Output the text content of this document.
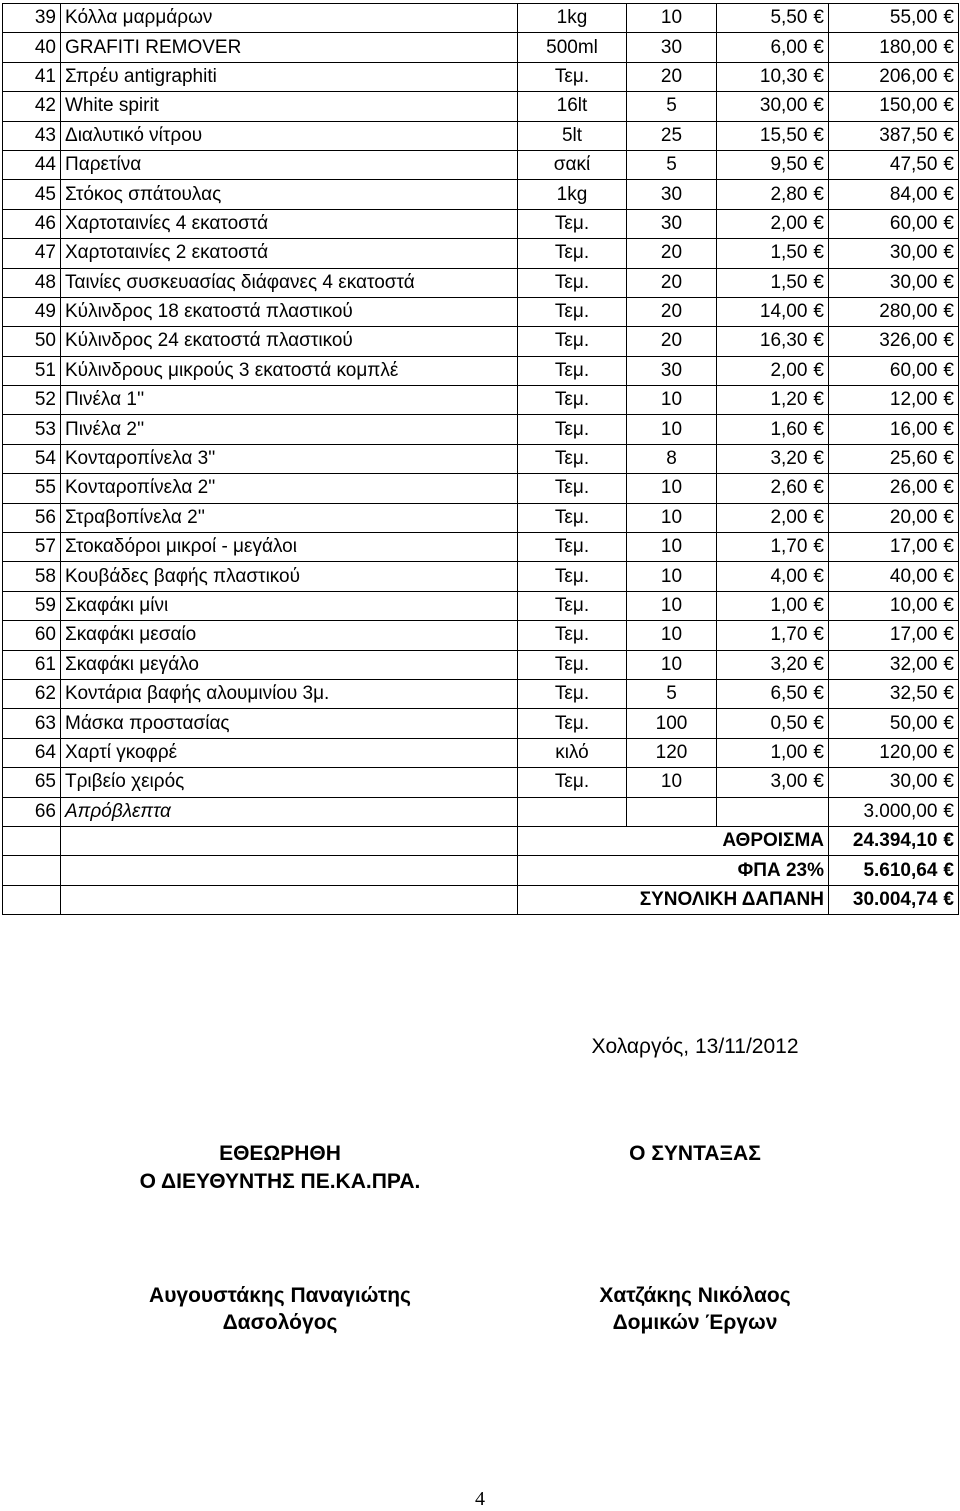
39	Κόλλα μαρμάρων	1kg	10	5,50 €	55,00 €
40	GRAFITI REMOVER	500ml	30	6,00 €	180,00 €
41	Σπρέυ antigraphiti	Τεμ.	20	10,30 €	206,00 €
42	White spirit	16lt	5	30,00 €	150,00 €
43	Διαλυτικό νίτρου	5lt	25	15,50 €	387,50 €
44	Παρετίνα	σακί	5	9,50 €	47,50 €
45	Στόκος σπάτουλας	1kg	30	2,80 €	84,00 €
46	Χαρτοταινίες 4 εκατοστά	Τεμ.	30	2,00 €	60,00 €
47	Χαρτοταινίες 2 εκατοστά	Τεμ.	20	1,50 €	30,00 €
48	Ταινίες συσκευασίας διάφανες 4 εκατοστά	Τεμ.	20	1,50 €	30,00 €
49	Κύλινδρος 18 εκατοστά πλαστικού	Τεμ.	20	14,00 €	280,00 €
50	Κύλινδρος 24 εκατοστά πλαστικού	Τεμ.	20	16,30 €	326,00 €
51	Κύλινδρους μικρούς 3 εκατοστά κομπλέ	Τεμ.	30	2,00 €	60,00 €
52	Πινέλα 1''	Τεμ.	10	1,20 €	12,00 €
53	Πινέλα 2''	Τεμ.	10	1,60 €	16,00 €
54	Κονταροπίνελα 3''	Τεμ.	8	3,20 €	25,60 €
55	Κονταροπίνελα 2''	Τεμ.	10	2,60 €	26,00 €
56	Στραβοπίνελα 2''	Τεμ.	10	2,00 €	20,00 €
57	Στοκαδόροι μικροί - μεγάλοι	Τεμ.	10	1,70 €	17,00 €
58	Κουβάδες βαφής πλαστικού	Τεμ.	10	4,00 €	40,00 €
59	Σκαφάκι μίνι	Τεμ.	10	1,00 €	10,00 €
60	Σκαφάκι μεσαίο	Τεμ.	10	1,70 €	17,00 €
61	Σκαφάκι μεγάλο	Τεμ.	10	3,20 €	32,00 €
62	Κοντάρια βαφής αλουμινίου 3μ.	Τεμ.	5	6,50 €	32,50 €
63	Μάσκα προστασίας	Τεμ.	100	0,50 €	50,00 €
64	Χαρτί γκοφρέ	κιλό	120	1,00 €	120,00 €
65	Τριβείο χειρός	Τεμ.	10	3,00 €	30,00 €
66	Απρόβλεπτα				3.000,00 €
		ΑΘΡΟΙΣΜΑ			24.394,10 €
		ΦΠΑ 23%			5.610,64 €
		ΣΥΝΟΛΙΚΗ ΔΑΠΑΝΗ			30.004,74 €
Χολαργός, 13/11/2012
ΕΘΕΩΡΗΘΗ
Ο ΔΙΕΥΘΥΝΤΗΣ ΠΕ.ΚΑ.ΠΡΑ.
Αυγουστάκης Παναγιώτης
Δασολόγος
Ο ΣΥΝΤΑΞΑΣ
Χατζάκης Νικόλαος
Δομικών Έργων
4
